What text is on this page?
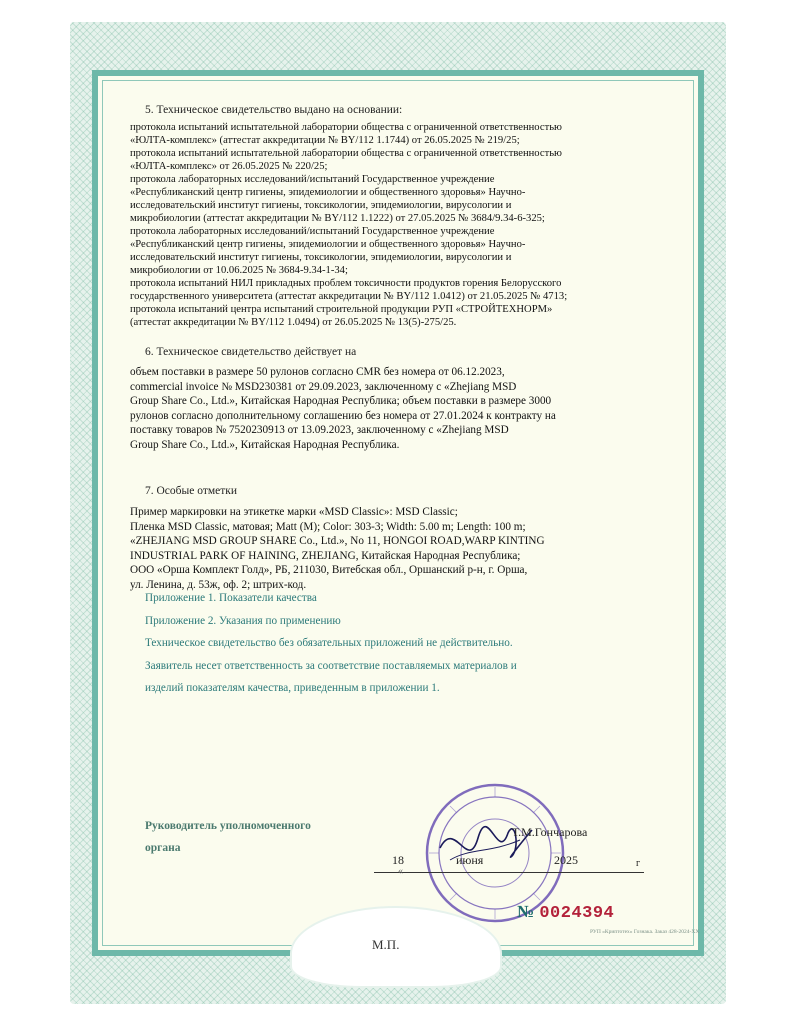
5. Техническое свидетельство выдано на основании:

протокола испытаний испытательной лаборатории общества с ограниченной ответственностью

«ЮЛТА-комплекс» (аттестат аккредитации № BY/112 1.1744) от 26.05.2025 № 219/25;

протокола испытаний испытательной лаборатории общества с ограниченной ответственностью

«ЮЛТА-комплекс» от 26.05.2025 № 220/25;

протокола лабораторных исследований/испытаний Государственное учреждение

«Республиканский центр гигиены, эпидемиологии и общественного здоровья» Научно-

исследовательский институт гигиены, токсикологии, эпидемиологии, вирусологии и

микробиологии (аттестат аккредитации № BY/112 1.1222) от 27.05.2025 № 3684/9.34-6-325;

протокола лабораторных исследований/испытаний Государственное учреждение

«Республиканский центр гигиены, эпидемиологии и общественного здоровья» Научно-

исследовательский институт гигиены, токсикологии, эпидемиологии, вирусологии и

микробиологии от 10.06.2025 № 3684-9.34-1-34;

протокола испытаний НИЛ прикладных проблем токсичности продуктов горения Белорусского

государственного университета (аттестат аккредитации № BY/112 1.0412) от 21.05.2025 № 4713;

протокола испытаний центра испытаний строительной продукции РУП «СТРОЙТЕХНОРМ»

(аттестат аккредитации № BY/112 1.0494) от 26.05.2025 № 13(5)-275/25.

6. Техническое свидетельство действует на

объем поставки в размере 50 рулонов согласно CMR без номера от 06.12.2023,

commercial invoice № MSD230381 от 29.09.2023, заключенному с «Zhejiang MSD

Group Share Co., Ltd.», Китайская Народная Республика; объем поставки в размере 3000

рулонов согласно дополнительному соглашению без номера от 27.01.2024 к контракту на

поставку товаров № 7520230913 от 13.09.2023, заключенному с «Zhejiang MSD

Group Share Co., Ltd.», Китайская Народная Республика.

7. Особые отметки

Пример маркировки на этикетке марки «MSD Classic»: MSD Classic;

Пленка MSD Classic, матовая; Matt (M); Color: 303-3; Width: 5.00 m; Length: 100 m;

«ZHEJIANG MSD GROUP SHARE Co., Ltd.», No 11, HONGOI ROAD,WARP KINTING

INDUSTRIAL PARK OF HAINING, ZHEJIANG, Китайская Народная Республика;

ООО «Орша Комплект Голд», РБ, 211030, Витебская обл., Оршанский р-н, г. Орша,

ул. Ленина, д. 53ж, оф. 2; штрих-код.

Приложение 1. Показатели качества
Приложение 2. Указания по применению
Техническое свидетельство без обязательных приложений не действительно.
Заявитель несет ответственность за соответствие поставляемых материалов и
изделий показателям качества, приведенным в приложении 1.
Руководитель уполномоченного
органа
Т.М.Гончарова
18	июня	2025	г
«
№ 0024394
М.П.
РУП «Криптотех» Гознака. Заказ 428-2024-ХХ
